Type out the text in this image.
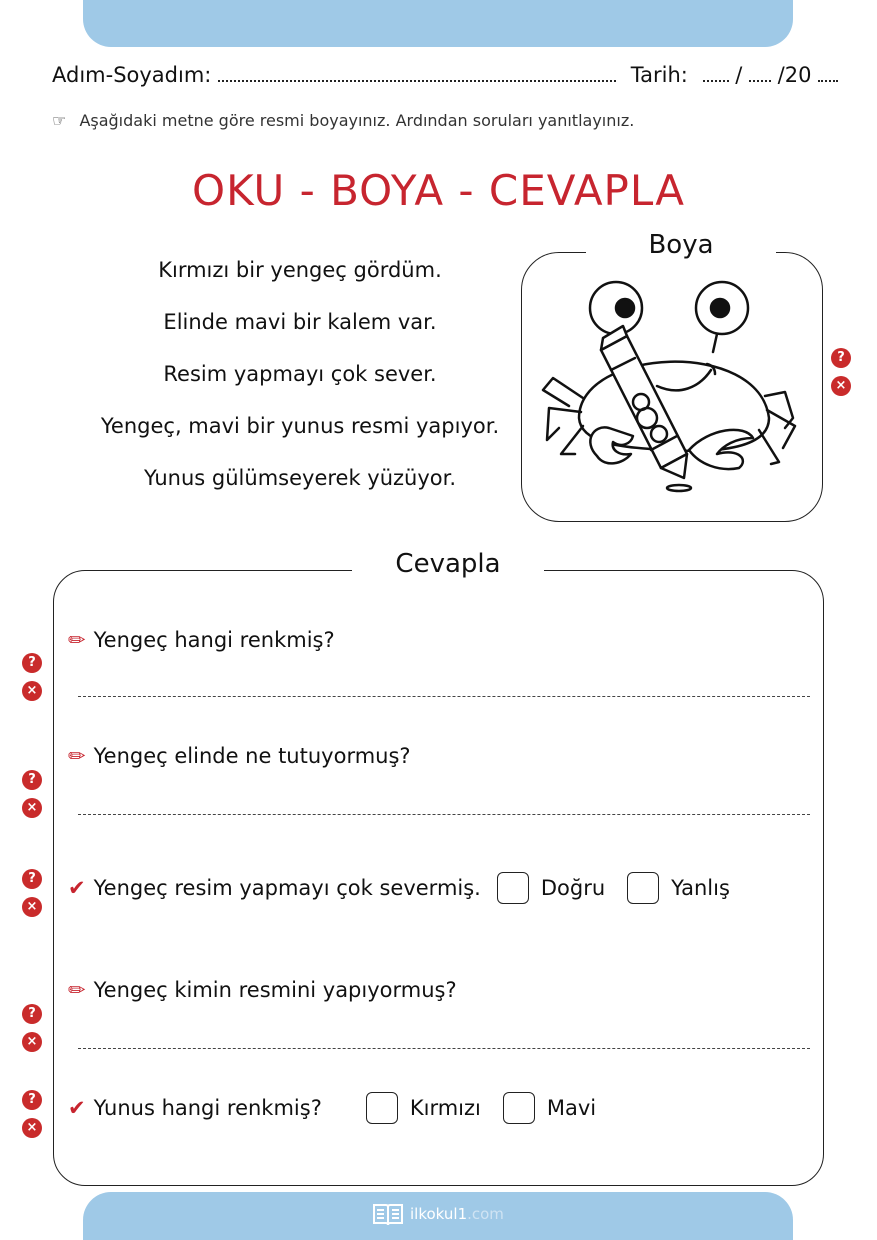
Adım-Soyadım:	Tarih: / /20
☞ Aşağıdaki metne göre resmi boyayınız. Ardından soruları yanıtlayınız.
OKU - BOYA - CEVAPLA
Kırmızı bir yengeç gördüm.
Elinde mavi bir kalem var.
Resim yapmayı çok sever.
Yengeç, mavi bir yunus resmi yapıyor.
Yunus gülümseyerek yüzüyor.
Boya
Cevapla
✏ Yengeç hangi renkmiş?
✏ Yengeç elinde ne tutuyormuş?
✔ Yengeç resim yapmayı çok severmiş.	Doğru	Yanlış
✏ Yengeç kimin resmini yapıyormuş?
✔ Yunus hangi renkmiş?	Kırmızı	Mavi
?
×
?
×
?
×
?
×
?
×
?
×
ilkokul1.com
